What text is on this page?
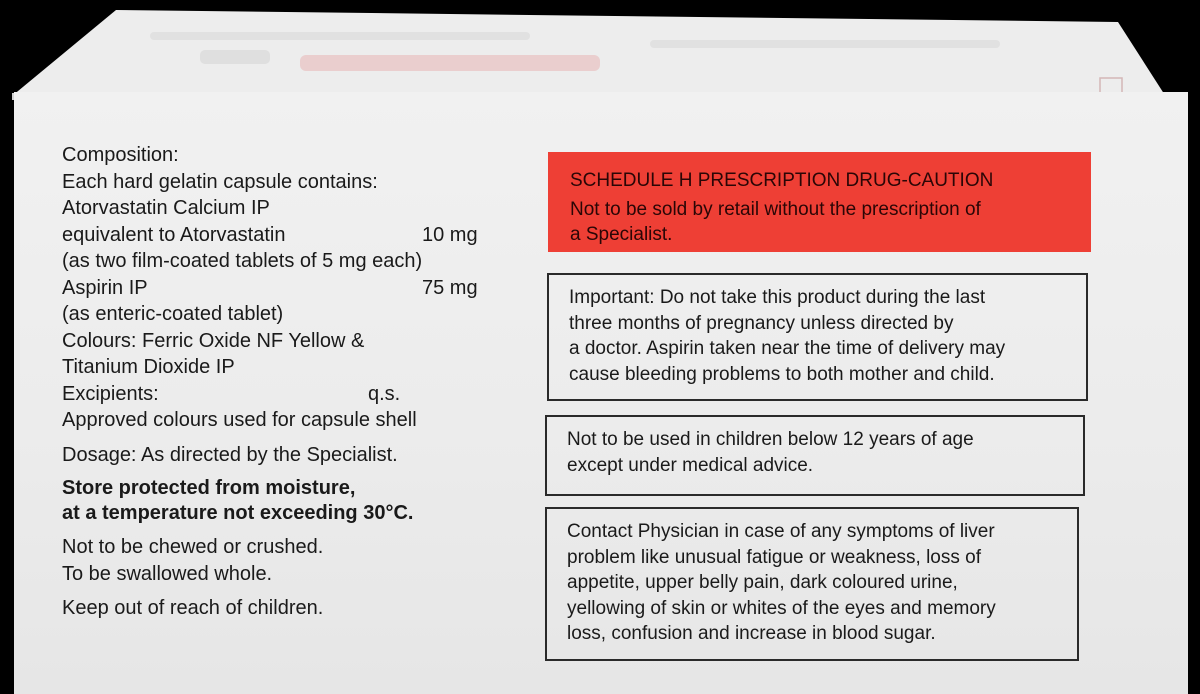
Composition:
Each hard gelatin capsule contains:
Atorvastatin Calcium IP
equivalent to Atorvastatin	10 mg
(as two film-coated tablets of 5 mg each)
Aspirin IP	75 mg
(as enteric-coated tablet)
Colours: Ferric Oxide NF Yellow &
Titanium Dioxide IP
Excipients:	q.s.
Approved colours used for capsule shell
Dosage: As directed by the Specialist.
Store protected from moisture,
at a temperature not exceeding 30°C.
Not to be chewed or crushed.
To be swallowed whole.
Keep out of reach of children.
SCHEDULE H PRESCRIPTION DRUG-CAUTION
Not to be sold by retail without the prescription of
a Specialist.
Important: Do not take this product during the last
three months of pregnancy unless directed by
a doctor. Aspirin taken near the time of delivery may
cause bleeding problems to both mother and child.
Not to be used in children below 12 years of age
except under medical advice.
Contact Physician in case of any symptoms of liver
problem like unusual fatigue or weakness, loss of
appetite, upper belly pain, dark coloured urine,
yellowing of skin or whites of the eyes and memory
loss, confusion and increase in blood sugar.
